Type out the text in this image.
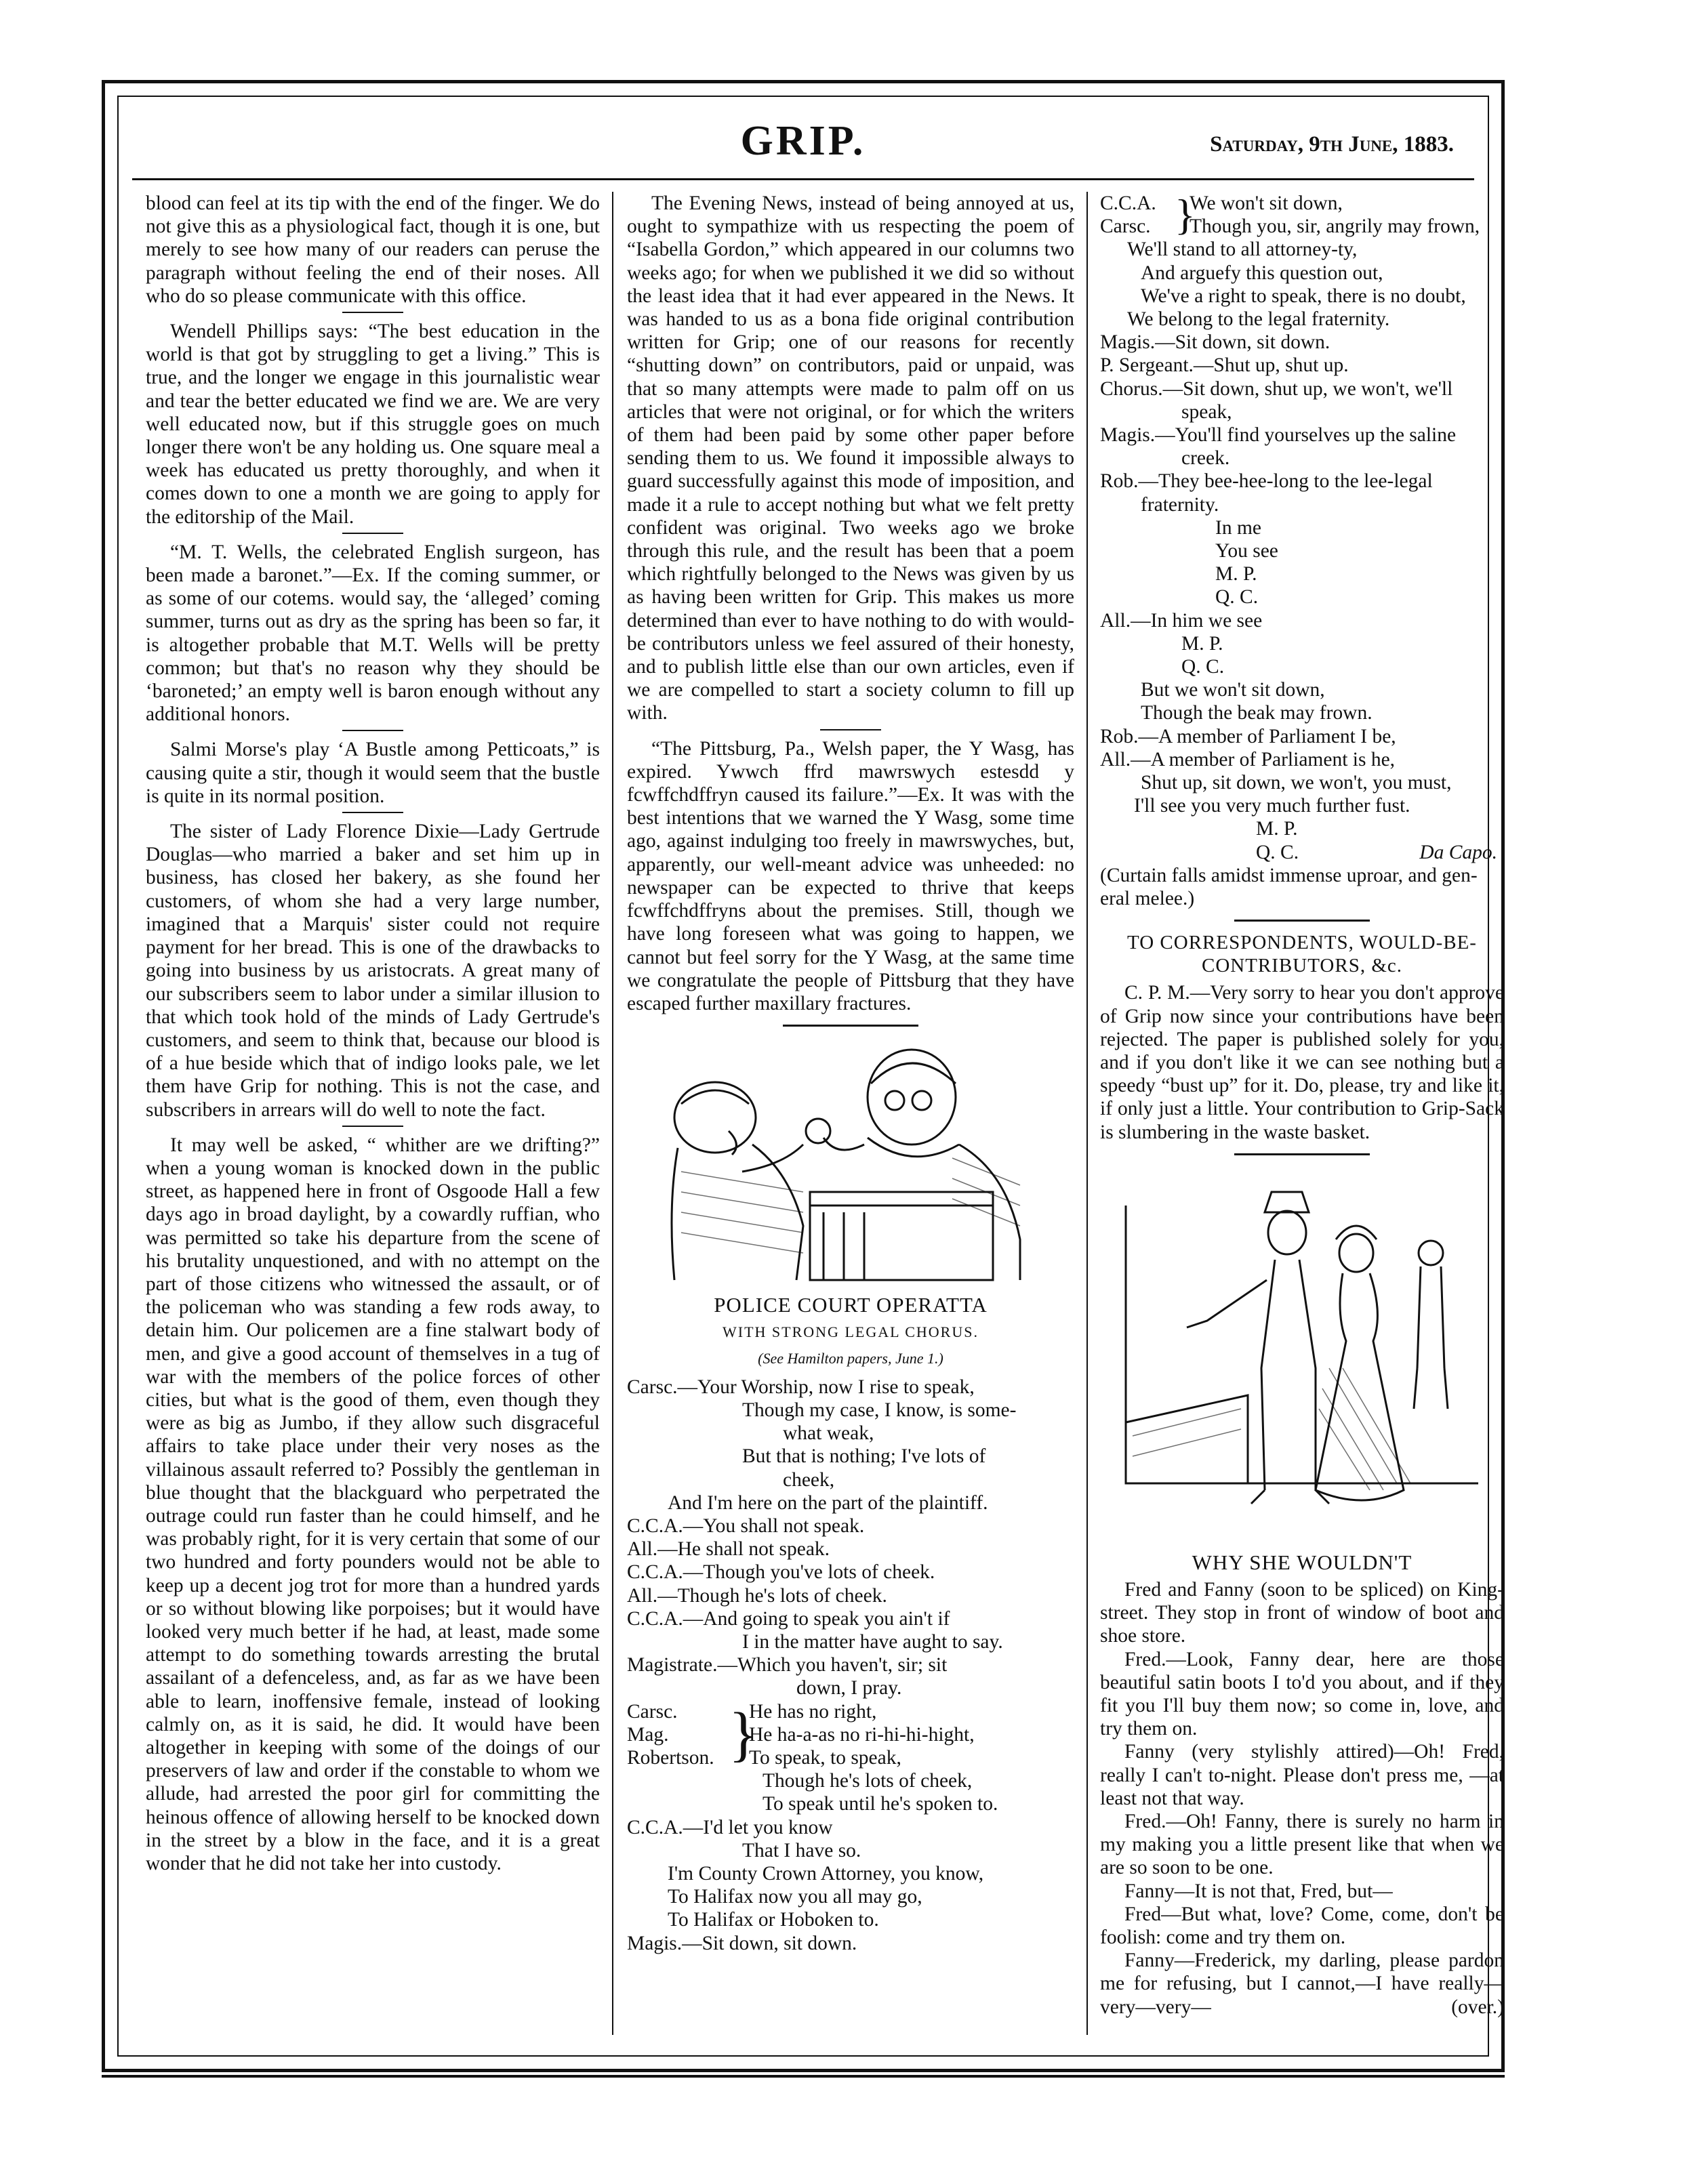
GRIP.	Saturday, 9th June, 1883.

blood can feel at its tip with the end of the finger. We do not give this as a physiological fact, though it is one, but merely to see how many of our readers can peruse the paragraph without feeling the end of their noses. All who do so please communicate with this office.

Wendell Phillips says: “The best education in the world is that got by struggling to get a living.” This is true, and the longer we engage in this journalistic wear and tear the better educated we find we are. We are very well educated now, but if this struggle goes on much longer there won't be any holding us. One square meal a week has educated us pretty thoroughly, and when it comes down to one a month we are going to apply for the editorship of the Mail.

“M. T. Wells, the celebrated English surgeon, has been made a baronet.”—Ex. If the coming summer, or as some of our cotems. would say, the ‘alleged’ coming summer, turns out as dry as the spring has been so far, it is altogether probable that M.T. Wells will be pretty common; but that's no reason why they should be ‘baroneted;’ an empty well is baron enough without any additional honors.

Salmi Morse's play ‘A Bustle among Petticoats,” is causing quite a stir, though it would seem that the bustle is quite in its normal position.

The sister of Lady Florence Dixie—Lady Gertrude Douglas—who married a baker and set him up in business, has closed her bakery, as she found her customers, of whom she had a very large number, imagined that a Marquis' sister could not require payment for her bread. This is one of the drawbacks to going into business by us aristocrats. A great many of our subscribers seem to labor under a similar illusion to that which took hold of the minds of Lady Gertrude's customers, and seem to think that, because our blood is of a hue beside which that of indigo looks pale, we let them have Grip for nothing. This is not the case, and subscribers in arrears will do well to note the fact.

It may well be asked, “ whither are we drifting?” when a young woman is knocked down in the public street, as happened here in front of Osgoode Hall a few days ago in broad daylight, by a cowardly ruffian, who was permitted so take his departure from the scene of his brutality unquestioned, and with no attempt on the part of those citizens who witnessed the assault, or of the policeman who was standing a few rods away, to detain him. Our policemen are a fine stalwart body of men, and give a good account of themselves in a tug of war with the members of the police forces of other cities, but what is the good of them, even though they were as big as Jumbo, if they allow such disgraceful affairs to take place under their very noses as the villainous assault referred to? Possibly the gentleman in blue thought that the blackguard who perpetrated the outrage could run faster than he could himself, and he was probably right, for it is very certain that some of our two hundred and forty pounders would not be able to keep up a decent jog trot for more than a hundred yards or so without blowing like porpoises; but it would have looked very much better if he had, at least, made some attempt to do something towards arresting the brutal assailant of a defenceless, and, as far as we have been able to learn, inoffensive female, instead of looking calmly on, as it is said, he did. It would have been altogether in keeping with some of the doings of our preservers of law and order if the constable to whom we allude, had arrested the poor girl for committing the heinous offence of allowing herself to be knocked down in the street by a blow in the face, and it is a great wonder that he did not take her into custody.

The Evening News, instead of being annoyed at us, ought to sympathize with us respecting the poem of “Isabella Gordon,” which appeared in our columns two weeks ago; for when we published it we did so without the least idea that it had ever appeared in the News. It was handed to us as a bona fide original contribution written for Grip; one of our reasons for recently “shutting down” on contributors, paid or unpaid, was that so many attempts were made to palm off on us articles that were not original, or for which the writers of them had been paid by some other paper before sending them to us. We found it impossible always to guard successfully against this mode of imposition, and made it a rule to accept nothing but what we felt pretty confident was original. Two weeks ago we broke through this rule, and the result has been that a poem which rightfully belonged to the News was given by us as having been written for Grip. This makes us more determined than ever to have nothing to do with would-be contributors unless we feel assured of their honesty, and to publish little else than our own articles, even if we are compelled to start a society column to fill up with.

“The Pittsburg, Pa., Welsh paper, the Y Wasg, has expired. Ywwch ffrd mawrswych estesdd y fcwffchdffryn caused its failure.”—Ex. It was with the best intentions that we warned the Y Wasg, some time ago, against indulging too freely in mawrswyches, but, apparently, our well-meant advice was unheeded: no newspaper can be expected to thrive that keeps fcwffchdffryns about the premises. Still, though we have long foreseen what was going to happen, we cannot but feel sorry for the Y Wasg, at the same time we congratulate the people of Pittsburg that they have escaped further maxillary fractures.

POLICE COURT OPERATTA
WITH STRONG LEGAL CHORUS.
(See Hamilton papers, June 1.)

Carsc.—Your Worship, now I rise to speak,

Though my case, I know, is some-

what weak,

But that is nothing; I've lots of

cheek,

And I'm here on the part of the plaintiff.

C.C.A.—You shall not speak.

All.—He shall not speak.

C.C.A.—Though you've lots of cheek.

All.—Though he's lots of cheek.

C.C.A.—And going to speak you ain't if

I in the matter have aught to say.

Magistrate.—Which you haven't, sir; sit

down, I pray.

Carsc.

Mag.

Robertson. }

He has no right,

He ha-a-as no ri-hi-hi-hight,

To speak, to speak,

Though he's lots of cheek,

To speak until he's spoken to.

C.C.A.—I'd let you know

That I have so.

I'm County Crown Attorney, you know,

To Halifax now you all may go,

To Halifax or Hoboken to.

Magis.—Sit down, sit down.

C.C.A.

Carsc. }

We won't sit down,

Though you, sir, angrily may frown,

We'll stand to all attorney-ty,

And arguefy this question out,

We've a right to speak, there is no doubt,

We belong to the legal fraternity.

Magis.—Sit down, sit down.

P. Sergeant.—Shut up, shut up.

Chorus.—Sit down, shut up, we won't, we'll

speak,

Magis.—You'll find yourselves up the saline

creek.

Rob.—They bee-hee-long to the lee-legal

fraternity.

In me

You see

M. P.

Q. C.

All.—In him we see

M. P.

Q. C.

But we won't sit down,

Though the beak may frown.

Rob.—A member of Parliament I be,

All.—A member of Parliament is he,

Shut up, sit down, we won't, you must,

I'll see you very much further fust.

M. P.

Q. C.	Da Capo.

(Curtain falls amidst immense uproar, and gen-

eral melee.)

TO CORRESPONDENTS, WOULD-BE-CONTRIBUTORS, &c.

C. P. M.—Very sorry to hear you don't approve of Grip now since your contributions have been rejected. The paper is published solely for you, and if you don't like it we can see nothing but a speedy “bust up” for it. Do, please, try and like it, if only just a little. Your contribution to Grip-Sack is slumbering in the waste basket.

WHY SHE WOULDN'T

Fred and Fanny (soon to be spliced) on King-street. They stop in front of window of boot and shoe store.

Fred.—Look, Fanny dear, here are those beautiful satin boots I to'd you about, and if they fit you I'll buy them now; so come in, love, and try them on.

Fanny (very stylishly attired)—Oh! Fred, really I can't to-night. Please don't press me, —at least not that way.

Fred.—Oh! Fanny, there is surely no harm in my making you a little present like that when we are so soon to be one.

Fanny—It is not that, Fred, but—

Fred—But what, love? Come, come, don't be foolish: come and try them on.

Fanny—Frederick, my darling, please pardon me for refusing, but I cannot,—I have really—very—very—	(over.)
